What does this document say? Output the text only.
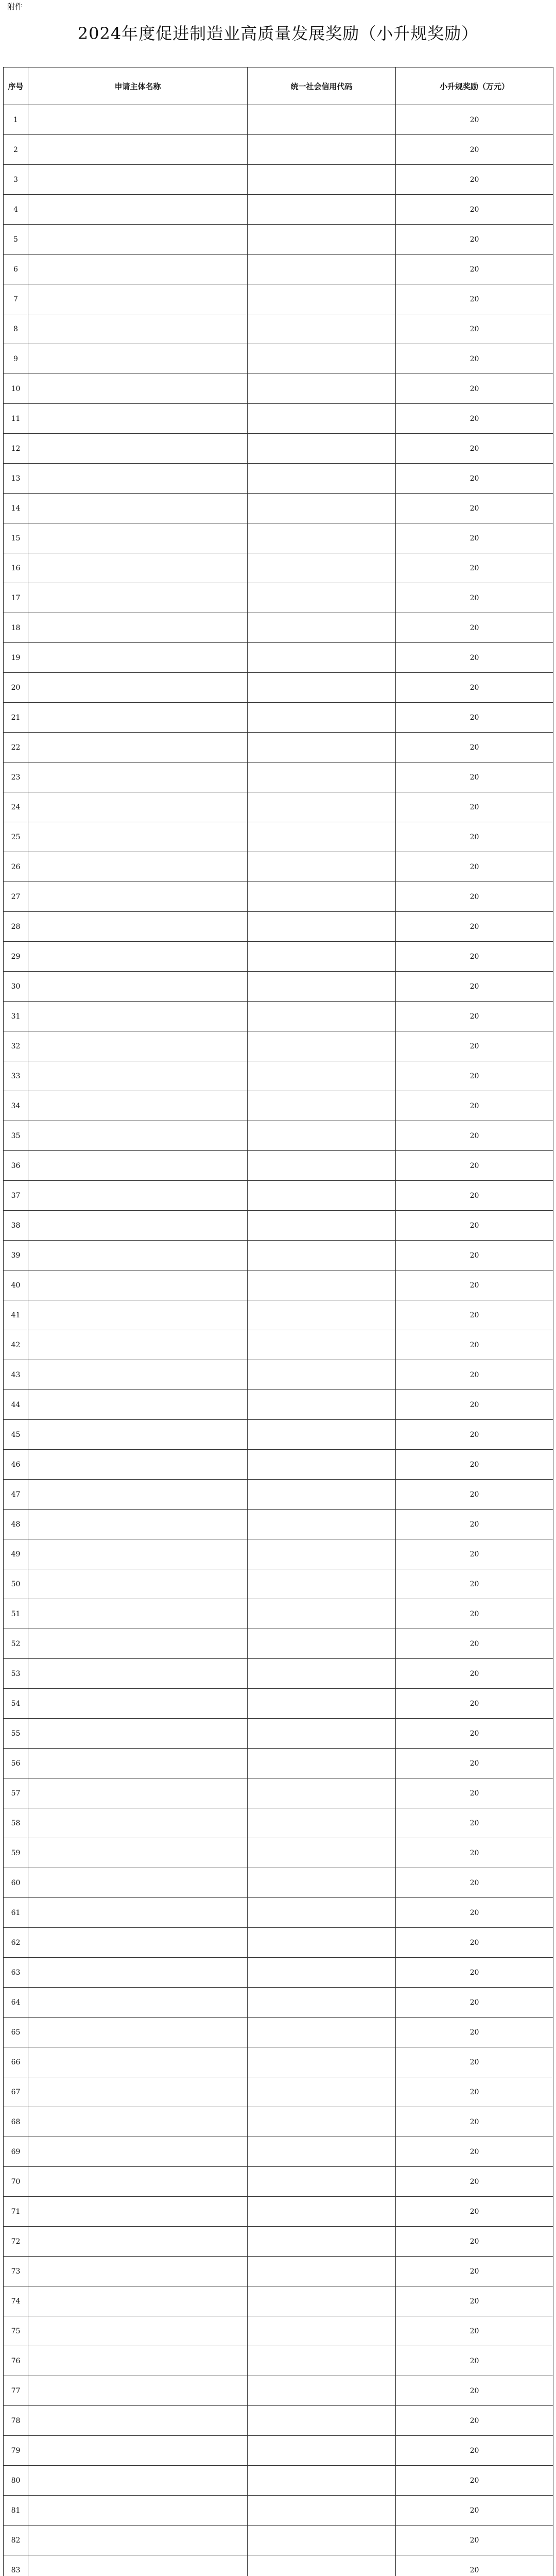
附件
2024年度促进制造业高质量发展奖励（小升规奖励）
序号	申请主体名称	统一社会信用代码	小升规奖励（万元）
1			20
2			20
3			20
4			20
5			20
6			20
7			20
8			20
9			20
10			20
11			20
12			20
13			20
14			20
15			20
16			20
17			20
18			20
19			20
20			20
21			20
22			20
23			20
24			20
25			20
26			20
27			20
28			20
29			20
30			20
31			20
32			20
33			20
34			20
35			20
36			20
37			20
38			20
39			20
40			20
41			20
42			20
43			20
44			20
45			20
46			20
47			20
48			20
49			20
50			20
51			20
52			20
53			20
54			20
55			20
56			20
57			20
58			20
59			20
60			20
61			20
62			20
63			20
64			20
65			20
66			20
67			20
68			20
69			20
70			20
71			20
72			20
73			20
74			20
75			20
76			20
77			20
78			20
79			20
80			20
81			20
82			20
83			20
